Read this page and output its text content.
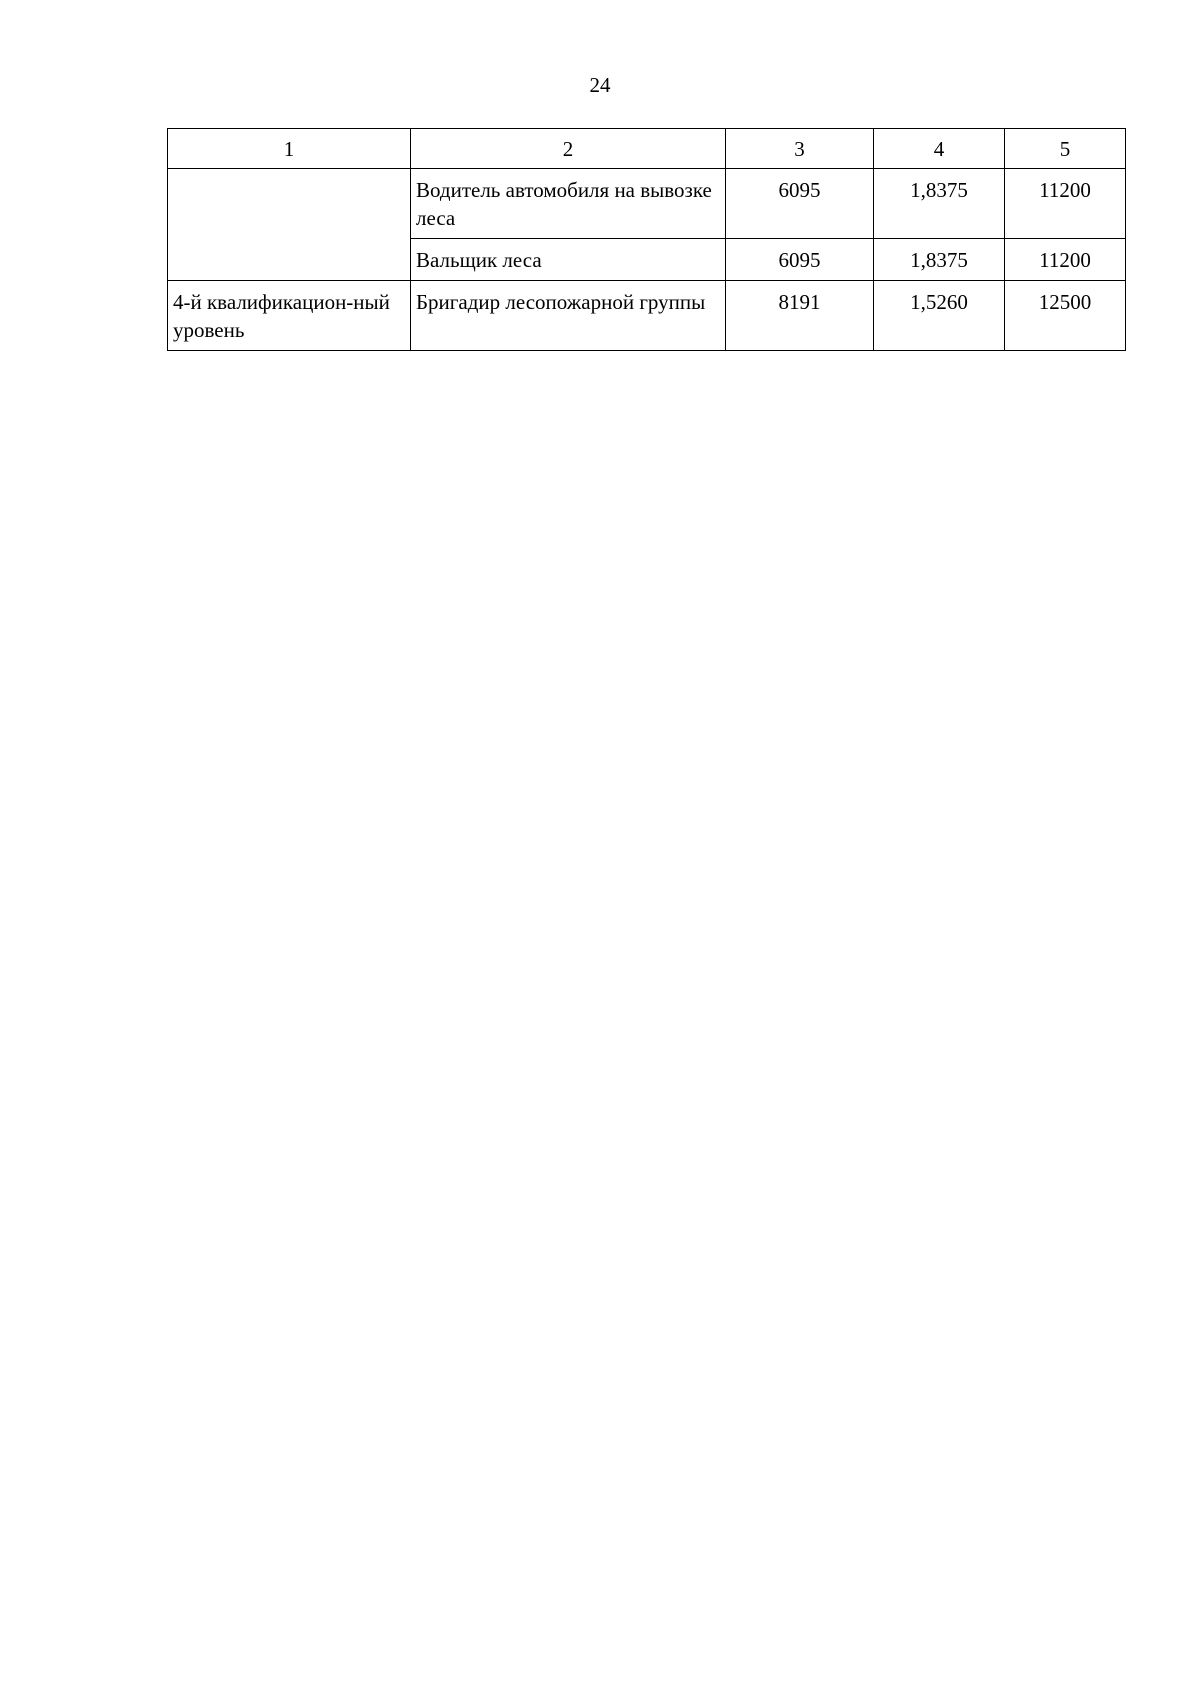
24
1	2	3	4	5
	Водитель автомобиля на вывозке леса	6095	1,8375	11200
	Вальщик леса	6095	1,8375	11200
4-й квалификацион-ный уровень	Бригадир лесопожарной группы	8191	1,5260	12500
